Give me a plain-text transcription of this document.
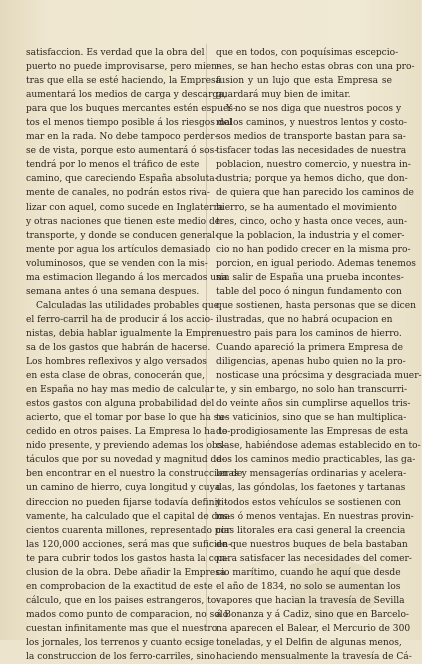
satisfaccion. Es verdad que la obra del
puerto no puede improvisarse, pero mien-
tras que ella se esté haciendo, la Empresa
aumentará los medios de carga y descarga,
para que los buques mercantes estén espues-
tos el menos tiempo posible á los riesgos del
mar en la rada. No debe tampoco perder-
se de vista, porque esto aumentará ó sos-
tendrá por lo menos el tráfico de este
camino, que careciendo España absoluta-
mente de canales, no podrán estos riva-
lizar con aquel, como sucede en Inglaterra
y otras naciones que tienen este medio de
transporte, y donde se conducen general-
mente por agua los artículos demasiado
voluminosos, que se venden con la mis-
ma estimacion llegando á los mercados una
semana antes ó una semana despues.
Calculadas las utilidades probables que
el ferro-carril ha de producir á los accio-
nistas, debia hablar igualmente la Empre-
sa de los gastos que habrán de hacerse.
Los hombres reflexivos y algo versados
en esta clase de obras, conocerán que,
en España no hay mas medio de calcular
estos gastos con alguna probabilidad del
acierto, que el tomar por base lo que ha su-
cedido en otros paises. La Empresa lo ha te-
nido presente, y previendo ademas los obs-
táculos que por su novedad y magnitud de-
ben encontrar en el nuestro la construccion de
un camino de hierro, cuya longitud y cuya
direccion no pueden fijarse todavía definiti-
vamente, ha calculado que el capital de dos-
cientos cuarenta millones, representado por
las 120,000 acciones, será mas que suficien-
te para cubrir todos los gastos hasta la con-
clusion de la obra. Debe añadir la Empresa
en comprobacion de la exactitud de este
cálculo, que en los paises estrangeros, to-
mados como punto de comparacion, no solo
cuestan infinitamente mas que el nuestro
los jornales, los terrenos y cuanto ecsige
la construccion de los ferro-carriles, sino
que en todos, con poquísimas escepcio-
nes, se han hecho estas obras con una pro-
fusion y un lujo que esta Empresa se
guardará muy bien de imitar.
Y no se nos diga que nuestros pocos y
malos caminos, y nuestros lentos y costo-
sos medios de transporte bastan para sa-
tisfacer todas las necesidades de nuestra
poblacion, nuestro comercio, y nuestra in-
dustria; porque ya hemos dicho, que don-
de quiera que han parecido los caminos de
hierro, se ha aumentado el movimiento
tres, cinco, ocho y hasta once veces, aun-
que la poblacion, la industria y el comer-
cio no han podido crecer en la misma pro-
porcion, en igual periodo. Ademas tenemos
sin salir de España una prueba incontes-
table del poco ó ningun fundamento con
que sostienen, hasta personas que se dicen
ilustradas, que no habrá ocupacion en
nuestro pais para los caminos de hierro.
Cuando apareció la primera Empresa de
diligencias, apenas hubo quien no la pro-
nosticase una prócsima y desgraciada muer-
te, y sin embargo, no solo han transcurri-
do veinte años sin cumplirse aquellos tris-
tes vaticinios, sino que se han multiplica-
do prodigiosamente las Empresas de esta
clase, habiéndose ademas establecido en to-
dos los caminos medio practicables, las ga-
leras y mensagerías ordinarias y acelera-
das, las góndolas, los faetones y tartanas
y todos estos vehículos se sostienen con
mas ó menos ventajas. En nuestras provin-
cias litorales era casi general la creencia
de que nuestros buques de bela bastaban
para satisfacer las necesidades del comer-
cio marítimo, cuando he aquí que desde
el año de 1834, no solo se aumentan los
vapores que hacian la travesía de Sevilla
á Bonanza y á Cadiz, sino que en Barcelo-
na aparecen el Balear, el Mercurio de 300
toneladas, y el Delfin de algunas menos,
haciendo mensualmente la travesía de Cá-
